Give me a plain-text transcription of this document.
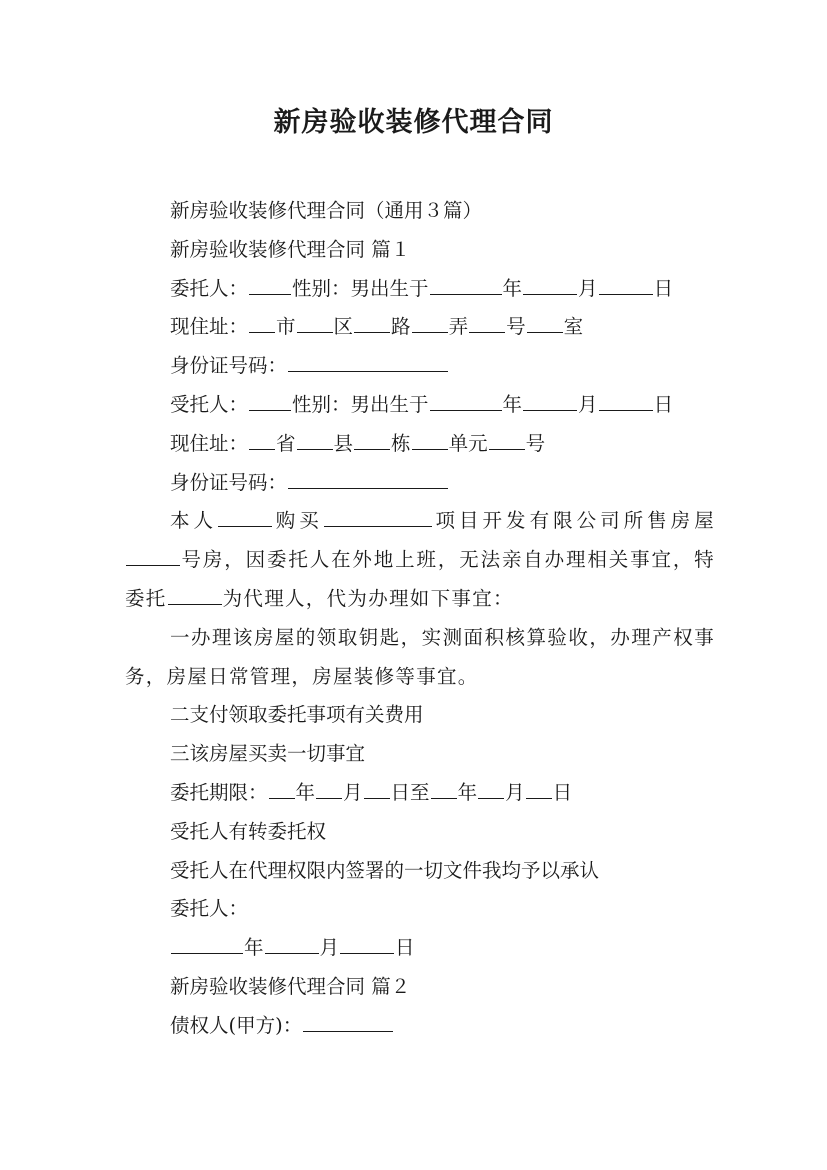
新房验收装修代理合同
新房验收装修代理合同（通用３篇）
新房验收装修代理合同 篇１
委托人： 性别：男出生于	年	月	日
现住址： 市 区 路 弄 号 室
身份证号码：
受托人： 性别：男出生于	年	月	日
现住址： 省 县 栋 单元 号
身份证号码：
本人	购买	项目开发有限公司所售房屋号房，因委托人在外地上班，无法亲自办理相关事宜，特委托	为代理人，代为办理如下事宜：
一办理该房屋的领取钥匙，实测面积核算验收，办理产权事务，房屋日常管理，房屋装修等事宜。
二支付领取委托事项有关费用
三该房屋买卖一切事宜
委托期限： 年 月 日至 年 月 日
受托人有转委托权
受托人在代理权限内签署的一切文件我均予以承认
委托人：
年	月	日
新房验收装修代理合同 篇２
债权人(甲方)：
